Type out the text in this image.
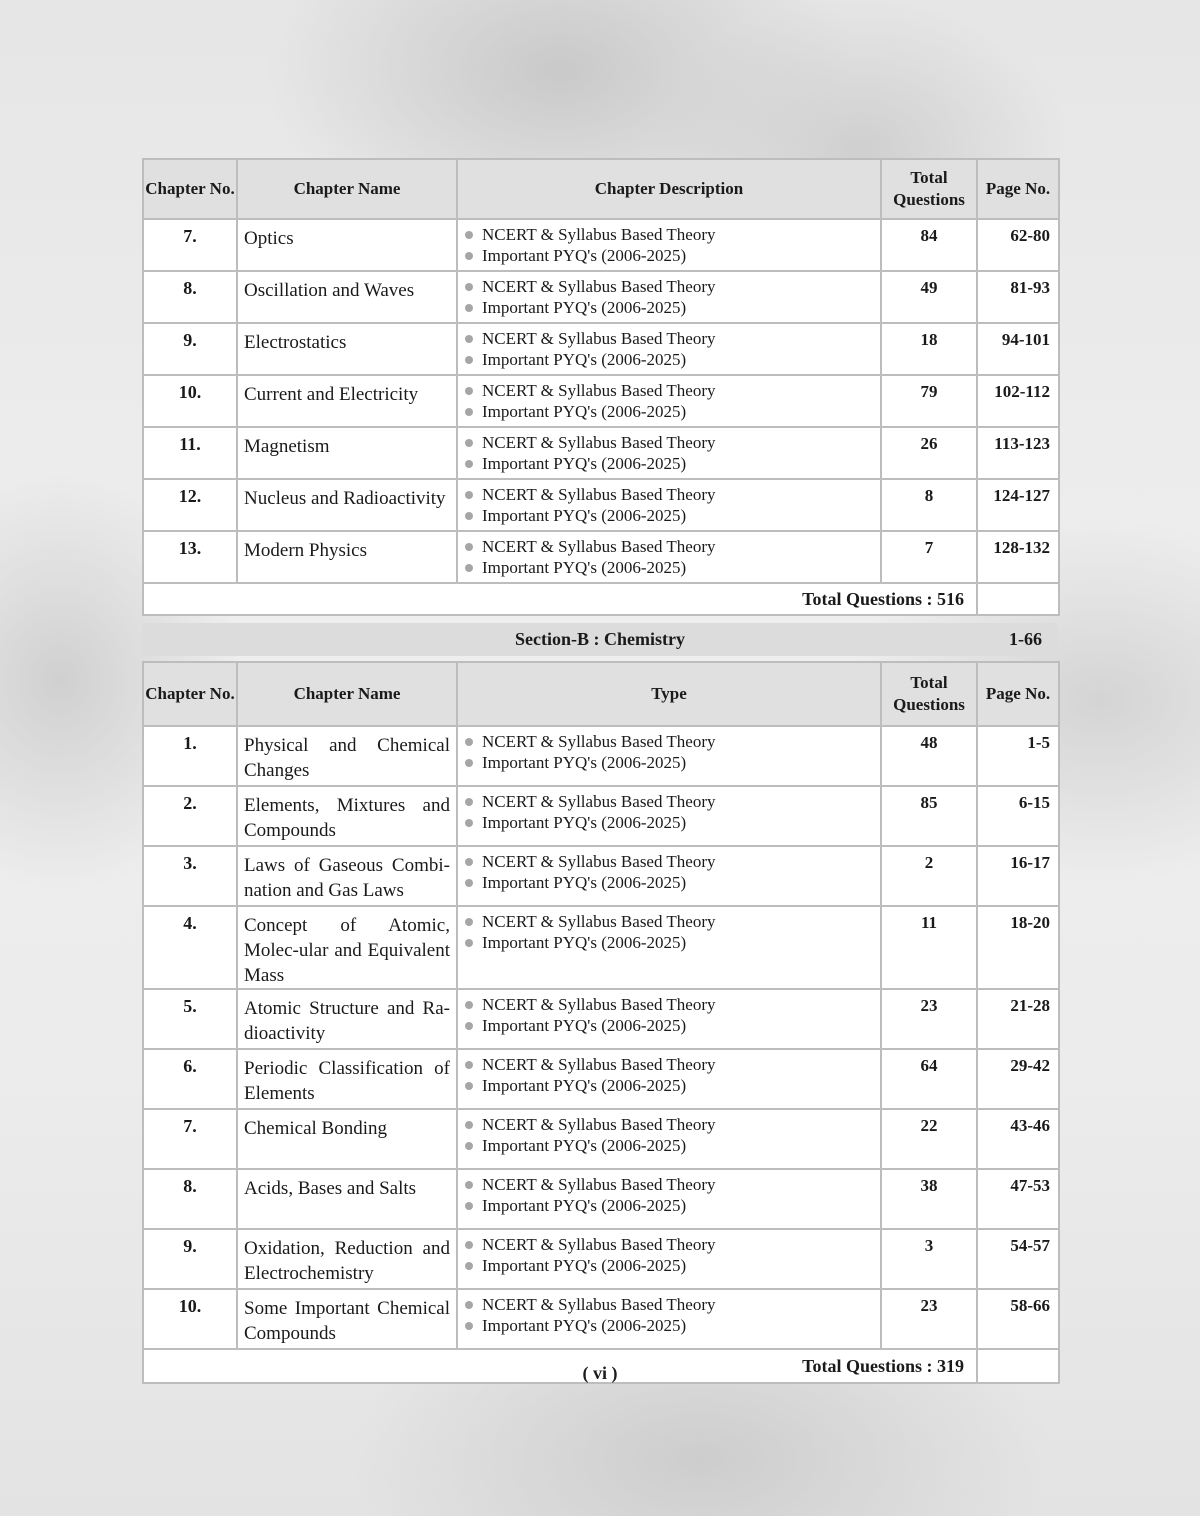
Chapter No.	Chapter Name	Chapter Description	Total Questions	Page No.
7.	Optics	NCERT & Syllabus Based Theory
Important PYQ's (2006-2025)	84	62-80
8.	Oscillation and Waves	NCERT & Syllabus Based Theory
Important PYQ's (2006-2025)	49	81-93
9.	Electrostatics	NCERT & Syllabus Based Theory
Important PYQ's (2006-2025)	18	94-101
10.	Current and Electricity	NCERT & Syllabus Based Theory
Important PYQ's (2006-2025)	79	102-112
11.	Magnetism	NCERT & Syllabus Based Theory
Important PYQ's (2006-2025)	26	113-123
12.	Nucleus and Radioactivity	NCERT & Syllabus Based Theory
Important PYQ's (2006-2025)	8	124-127
13.	Modern Physics	NCERT & Syllabus Based Theory
Important PYQ's (2006-2025)	7	128-132
Total Questions : 516				
Section-B : Chemistry	1-66
Chapter No.	Chapter Name	Type	Total Questions	Page No.
1.	Physical and Chemical Changes	NCERT & Syllabus Based Theory
Important PYQ's (2006-2025)	48	1-5
2.	Elements, Mixtures and Compounds	NCERT & Syllabus Based Theory
Important PYQ's (2006-2025)	85	6-15
3.	Laws of Gaseous Combi-nation and Gas Laws	NCERT & Syllabus Based Theory
Important PYQ's (2006-2025)	2	16-17
4.	Concept of Atomic, Molec-ular and Equivalent Mass	NCERT & Syllabus Based Theory
Important PYQ's (2006-2025)	11	18-20
5.	Atomic Structure and Ra-dioactivity	NCERT & Syllabus Based Theory
Important PYQ's (2006-2025)	23	21-28
6.	Periodic Classification of Elements	NCERT & Syllabus Based Theory
Important PYQ's (2006-2025)	64	29-42
7.	Chemical Bonding	NCERT & Syllabus Based Theory
Important PYQ's (2006-2025)	22	43-46
8.	Acids, Bases and Salts	NCERT & Syllabus Based Theory
Important PYQ's (2006-2025)	38	47-53
9.	Oxidation, Reduction and Electrochemistry	NCERT & Syllabus Based Theory
Important PYQ's (2006-2025)	3	54-57
10.	Some Important Chemical Compounds	NCERT & Syllabus Based Theory
Important PYQ's (2006-2025)	23	58-66
Total Questions : 319				
( vi )
